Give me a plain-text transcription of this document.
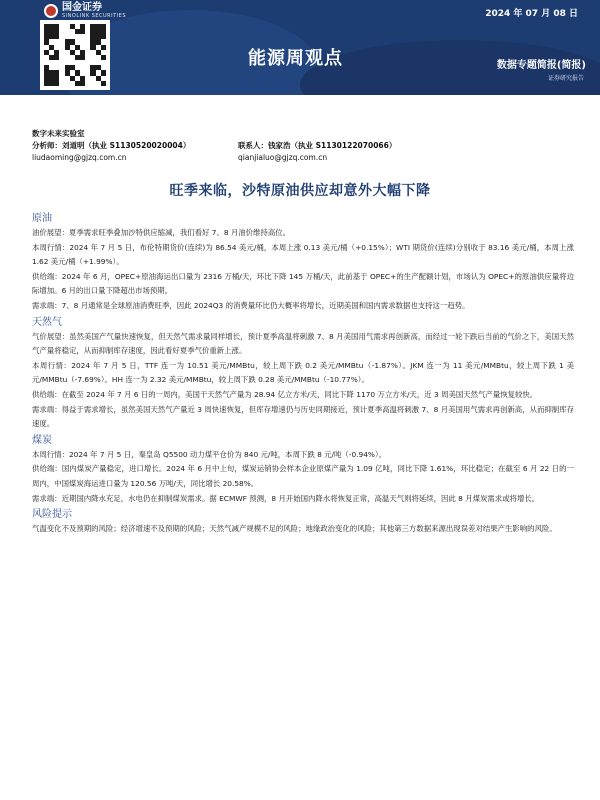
国金证券
SINOLINK SECURITIES	2024 年 07 月 08 日
能源周观点	数据专题简报(简报)
证券研究报告
数字未来实验室
分析师：刘道明（执业 S1130520020004）	联系人：钱家浩（执业 S1130122070066）
liudaoming@gjzq.com.cn	qianjialuo@gjzq.com.cn
旺季来临，沙特原油供应却意外大幅下降
原油

油价展望：夏季需求旺季叠加沙特供应缩减，我们看好 7、8 月油价维持高位。

本周行情：2024 年 7 月 5 日，布伦特期货价(连续)为 86.54 美元/桶，本周上涨 0.13 美元/桶（+0.15%）；WTI 期货价(连续)分别收于 83.16 美元/桶，本周上涨 1.62 美元/桶（+1.99%）。

供给端：2024 年 6 月，OPEC+原油海运出口量为 2316 万桶/天，环比下降 145 万桶/天，此前基于 OPEC+的生产配额计划，市场认为 OPEC+的原油供应量将边际增加。6 月的出口量下降超出市场预期。

需求端：7、8 月通常是全球原油消费旺季，因此 2024Q3 的消费量环比仍大概率将增长，近期美国和国内需求数据也支持这一趋势。

天然气

气价展望：虽然美国产气量快速恢复，但天然气需求量同样增长，预计夏季高温将刺激 7、8 月美国用气需求再创新高，而经过一轮下跌后当前的气价之下，美国天然气产量将稳定，从而抑制库存速度，因此看好夏季气价重新上涨。

本周行情：2024 年 7 月 5 日，TTF 连一为 10.51 美元/MMBtu，较上周下跌 0.2 美元/MMBtu（-1.87%）。JKM 连一为 11 美元/MMBtu，较上周下跌 1 美元/MMBtu（-7.69%）。HH 连一为 2.32 美元/MMBtu，较上周下跌 0.28 美元/MMBtu（-10.77%）。

供给端：在截至 2024 年 7 月 6 日的一周内，美国干天然气产量为 28.94 亿立方米/天，同比下降 1170 万立方米/天，近 3 周美国天然气产量恢复较快。

需求端：得益于需求增长，虽然美国天然气产量近 3 周快速恢复，但库存增速仍与历史同期接近，预计夏季高温将刺激 7、8 月美国用气需求再创新高，从而抑制库存速度。

煤炭

本周行情：2024 年 7 月 5 日，秦皇岛 Q5500 动力煤平仓价为 840 元/吨，本周下跌 8 元/吨（-0.94%）。

供给端：国内煤炭产量稳定，进口增长。2024 年 6 月中上旬，煤炭运销协会样本企业原煤产量为 1.09 亿吨，同比下降 1.61%，环比稳定；在截至 6 月 22 日的一周内，中国煤炭海运进口量为 120.56 万吨/天，同比增长 20.58%。

需求端：近期国内降水充足，水电仍在抑制煤炭需求。据 ECMWF 预测，8 月开始国内降水将恢复正常，高温天气则将延续，因此 8 月煤炭需求或将增长。

风险提示

气温变化不及预期的风险；经济增速不及预期的风险；天然气减产规模不足的风险；地缘政治变化的风险；其他第三方数据来源出现误差对结果产生影响的风险。
